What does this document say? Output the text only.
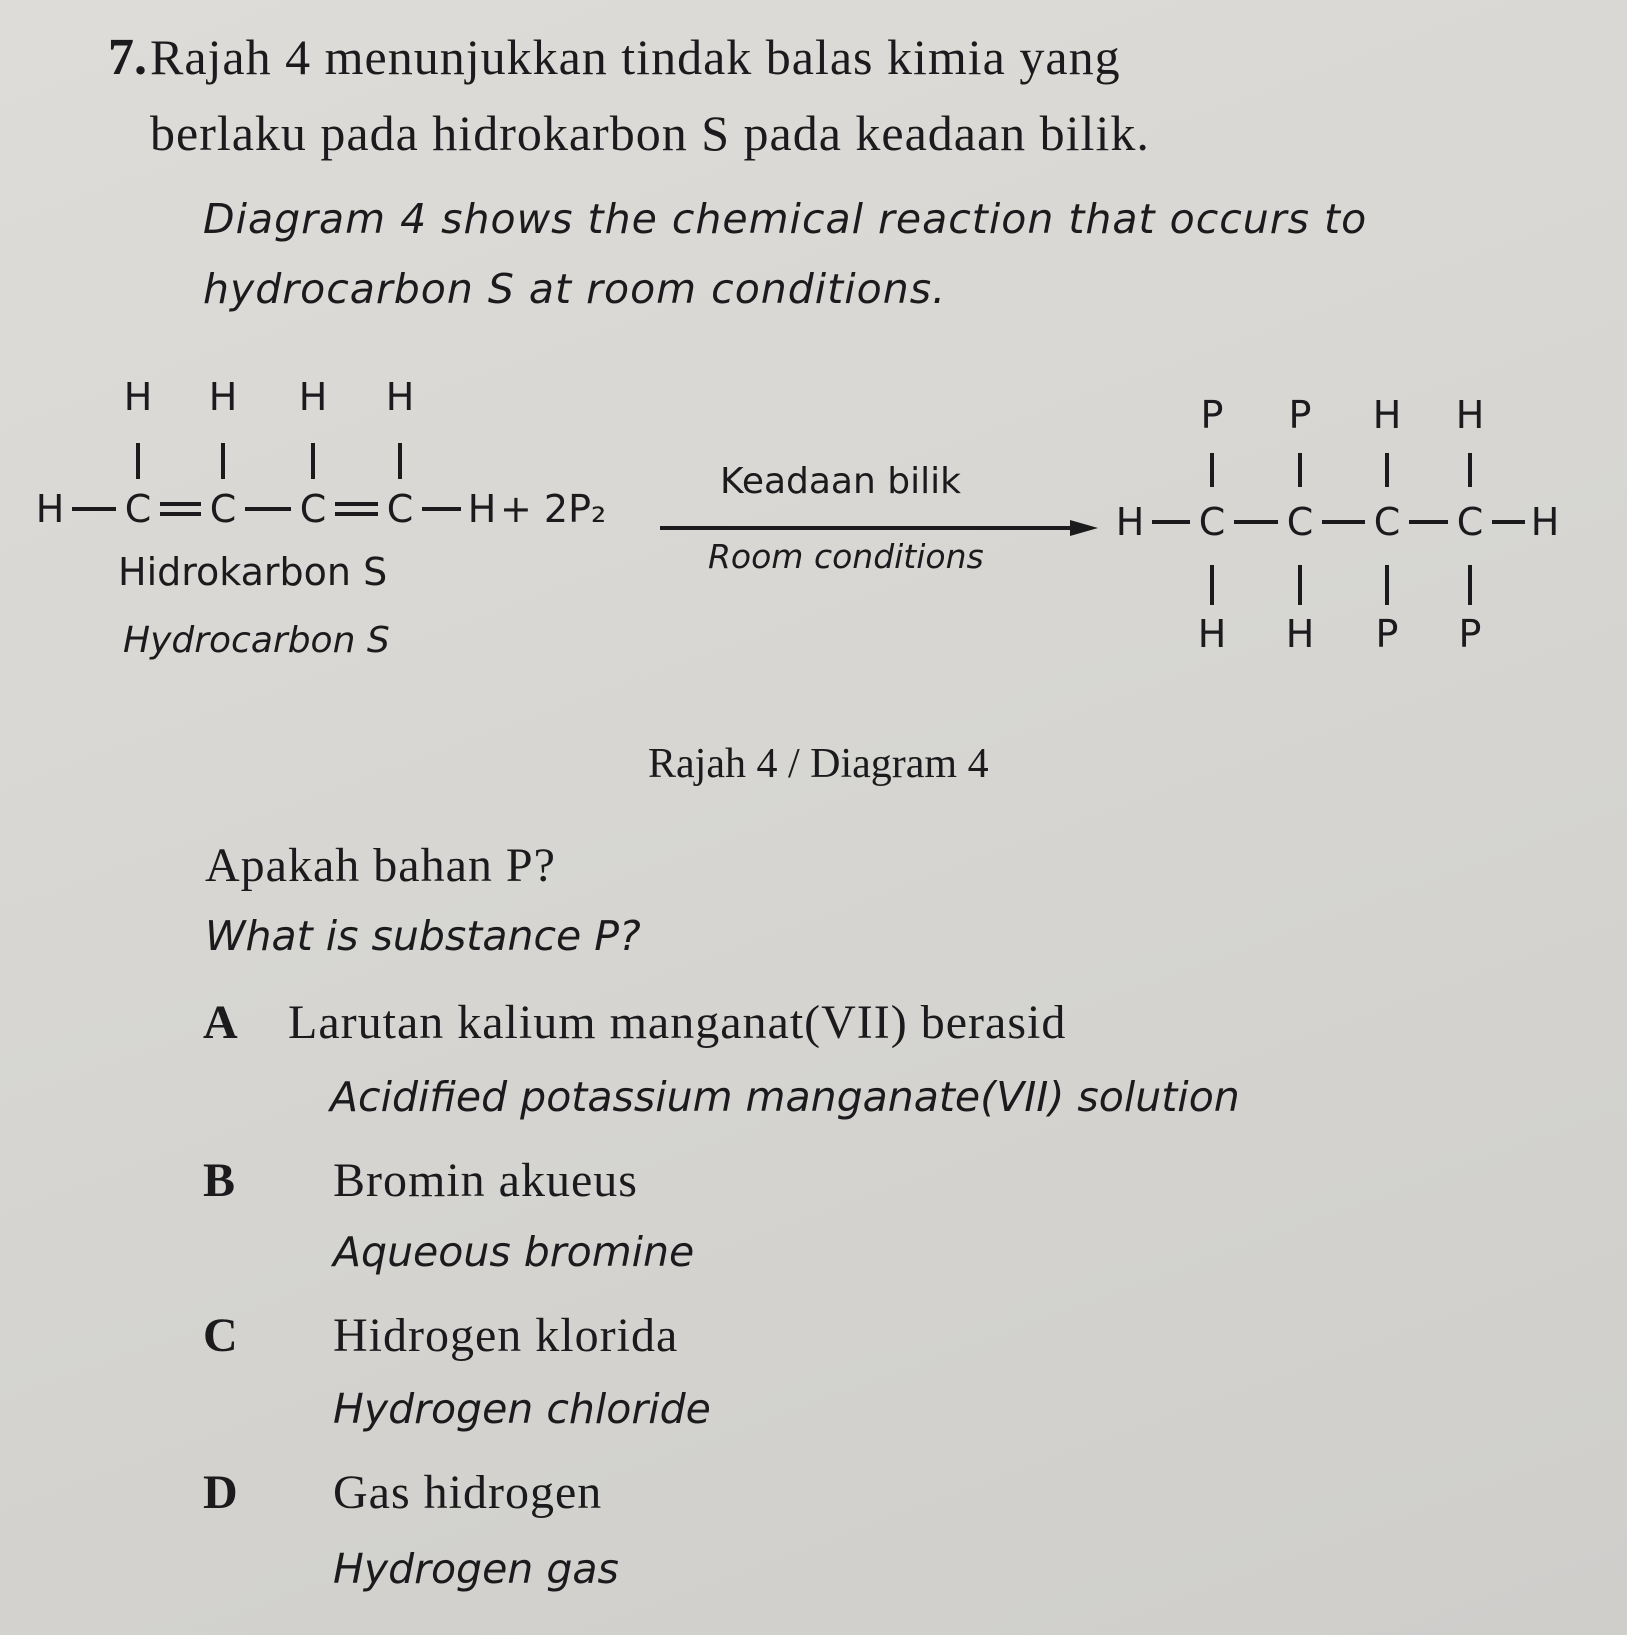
7. Rajah 4 menunjukkan tindak balas kimia yang
berlaku pada hidrokarbon S pada keadaan bilik.
Diagram 4 shows the chemical reaction that occurs to
hydrocarbon S at room conditions.
H H H H
H C C C C H
P P H H
H C C C C H
H H P P
+ 2P₂
Keadaan bilik
Room conditions
Hidrokarbon S
Hydrocarbon S
Rajah 4 / Diagram 4
Apakah bahan P?
What is substance P?
A Larutan kalium manganat(VII) berasid
Acidified potassium manganate(VII) solution
B Bromin akueus
Aqueous bromine
C Hidrogen klorida
Hydrogen chloride
D Gas hidrogen
Hydrogen gas
